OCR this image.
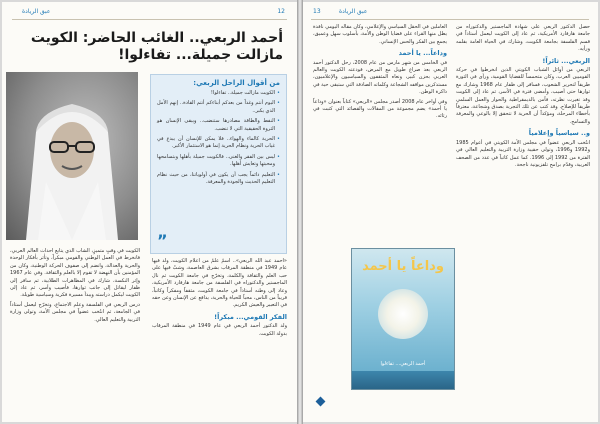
عبق الريادة	12
أحمد الربعي.. الغائب الحاضر: الكويت مازالت جميلة... تفاءلوا!
من أقوال الراحل الربعي:
• الكويت مازالت جميلة.. تفاءلوا!
• اليوم أنتم وغداً من بعدكم أبناءكم أنتم القادة.. إنهم الأمل الذي يكبر..
• النفط والطاقة مصادرها ستنضب.. ويبقى الإنسان هو الثروة الحقيقية التي لا تنضب.
• الحرية كالماء والهواء.. فلا يمكن للإنسان أن يبدع في غياب الحرية ونظام الحرية إنما هو الاستثمار الأكبر.
• ليس بين الفقر والغنى.. فالكويت جميلة بأهلها وبتسامحها ومحبتها وتعايش أهلها.
• التعليم دائماً يجب أن يكون في أولوياتنا، من حيث نظام التعليم الحديث والجودة والمعرفة.
”

«أحمد عبد الله الربعي».. اسمٌ علَمٌ من أعلام الكويت، ولد فيها عام 1949 في منطقة المرقاب بشرق العاصمة، وشبّ فيها على حب العلم والثقافة والكلمة، وتخرّج في جامعة الكويت ثم نال الماجستير والدكتوراه في الفلسفة من جامعة هارفارد الأمريكية، وعاد إلى وطنه أستاذاً في جامعة الكويت، مثقفاً ومفكراً وكاتباً، قريباً من الناس، محباً للحياة والحرية، يدافع عن الإنسان وعن حقه في التعبير والعيش الكريم.

الفكر القومي... مبكراً!

ولد الدكتور أحمد الربعي في عام 1949 في منطقة المرقاب بدولة الكويت.

الكويت في وقتٍ متميزٍ، الشاب الذي يتابع أحداث العالم العربي، فانخرط في العمل الوطني والقومي مبكراً، وتأثر بأفكار الوحدة والحرية والعدالة، وانضم إلى صفوف الحركة الوطنية، وكان من المؤمنين بأن النهضة لا تقوم إلا بالعلم والثقافة. وفي عام 1967 وإثر النكسة، شارك في المظاهرات الطلابية، ثم سافر إلى ظفار ليقاتل إلى جانب ثوارها، فأصيب وأسر، ثم عاد إلى الكويت ليكمل دراسته ويبدأ مسيرة فكرية وسياسية طويلة.

درس الربعي في الفلسفة وعلم الاجتماع، وتخرّج ليعمل أستاذاً في الجامعة، ثم انتُخب عضواً في مجلس الأمة، وتولى وزارة التربية والتعليم العالي.

13	عبق الريادة

حصل الدكتور الربعي على شهادة الماجستير والدكتوراه من جامعة هارفارد الأمريكية، ثم عاد إلى الكويت ليعمل أستاذاً في قسم الفلسفة بجامعة الكويت، وشارك في الحياة العامة بقلمه ورأيه.

الربعي... ثائراً!

الربعي من أوائل الشباب الكويتي الذين انخرطوا في حركة القوميين العرب، وكان متحمساً للقضايا القومية، ورأى في الثورة طريقاً لتحرير الشعوب، فسافر إلى ظفار عام 1968 وشارك مع ثوارها حتى أصيب، وأمضى فترة في الأسر، ثم عاد إلى الكويت وقد تغيرت نظرته، فآمن بالديمقراطية والحوار والعمل السلمي طريقاً للإصلاح. وقد كتب عن تلك التجربة بصدق وشجاعة، معترفاً بأخطاء المرحلة، ومؤكداً أن الحرية لا تتحقق إلا بالوعي والمعرفة والتسامح.

و.. سياسياً وإعلامياً

انتُخب الربعي عضواً في مجلس الأمة الكويتي في أعوام 1985 و1992 و1996، وتولى حقيبة وزارة التربية والتعليم العالي في الفترة من 1992 إلى 1996. كما عمل كاتباً في عدد من الصحف العربية، وقدّم برامج تلفزيونية ناجحة.

العاملين في الحقل السياسي والإعلامي، وكان مقاله اليومي نافذة يطل منها القراء على قضايا الوطن والأمة، بأسلوب سهل وعميق، يجمع بين الفكر والحس الإنساني.

وداعاً... يا أحمد

في الخامس من شهر مارس من عام 2008، رحل الدكتور أحمد الربعي بعد صراع طويل مع المرض، فودعته الكويت والعالم العربي بحزن كبير، ونعاه المثقفون والسياسيون والإعلاميون، مستذكرين مواقفه الشجاعة وكلماته الصادقة التي ستبقى حية في ذاكرة الوطن.

وفي أواخر عام 2008 أصدر مجلس «الربعي» كتاباً بعنوان «وداعاً يا أحمد» يضم مجموعة من المقالات والقصائد التي كتبت في رثائه.

وداعاً يا أحمد
أحمد الربعي... تفاءلوا
